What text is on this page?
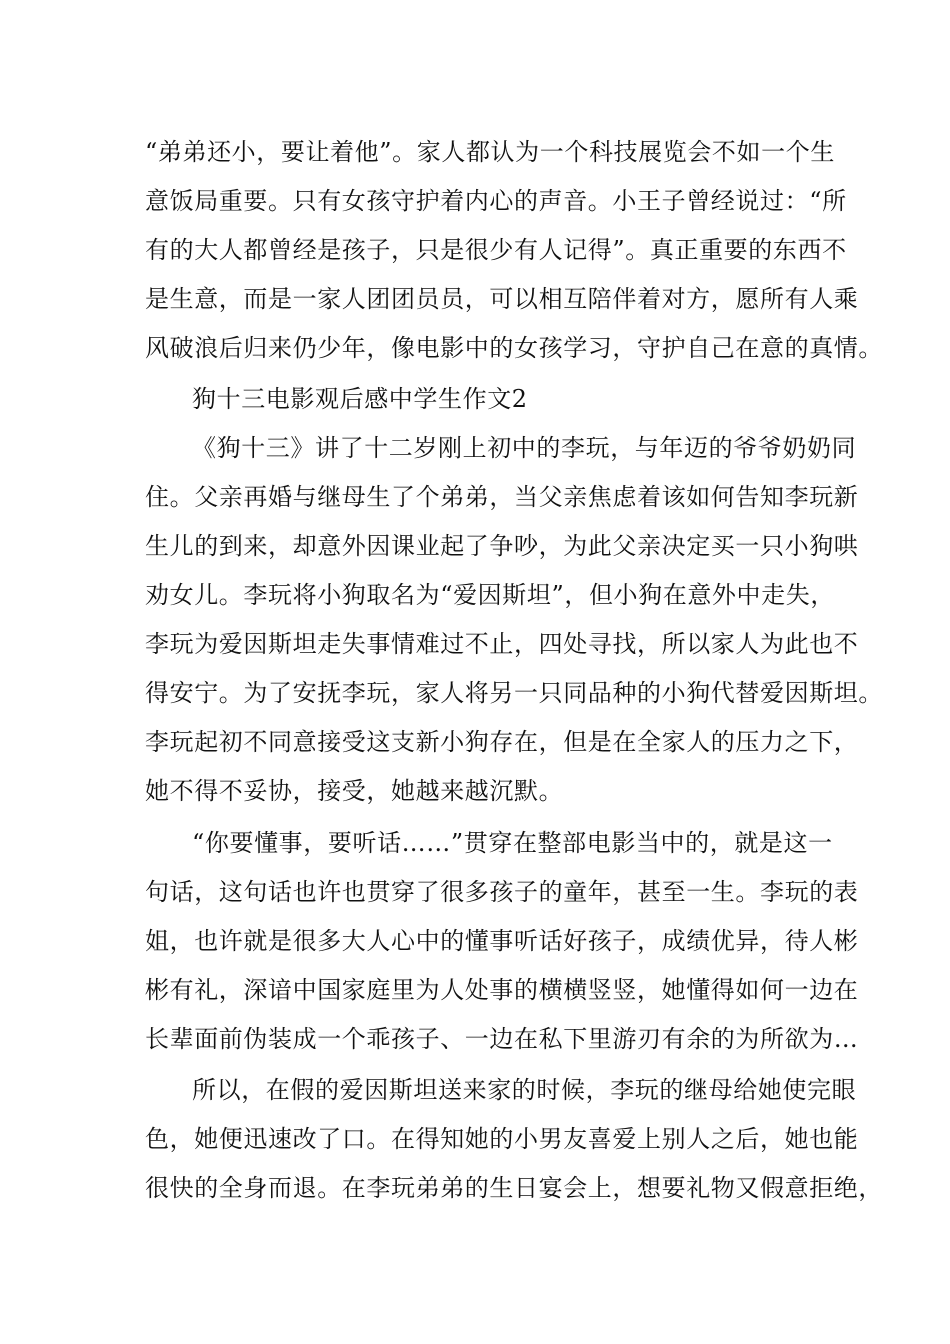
“弟弟还小，要让着他”。家人都认为一个科技展览会不如一个生
意饭局重要。只有女孩守护着内心的声音。小王子曾经说过：“所
有的大人都曾经是孩子，只是很少有人记得”。真正重要的东西不
是生意，而是一家人团团员员，可以相互陪伴着对方，愿所有人乘
风破浪后归来仍少年，像电影中的女孩学习，守护自己在意的真情。
狗十三电影观后感中学生作文2
《狗十三》讲了十二岁刚上初中的李玩，与年迈的爷爷奶奶同
住。父亲再婚与继母生了个弟弟，当父亲焦虑着该如何告知李玩新
生儿的到来，却意外因课业起了争吵，为此父亲决定买一只小狗哄
劝女儿。李玩将小狗取名为“爱因斯坦”，但小狗在意外中走失，
李玩为爱因斯坦走失事情难过不止，四处寻找，所以家人为此也不
得安宁。为了安抚李玩，家人将另一只同品种的小狗代替爱因斯坦。
李玩起初不同意接受这支新小狗存在，但是在全家人的压力之下，
她不得不妥协，接受，她越来越沉默。
“你要懂事，要听话……”贯穿在整部电影当中的，就是这一
句话，这句话也许也贯穿了很多孩子的童年，甚至一生。李玩的表
姐，也许就是很多大人心中的懂事听话好孩子，成绩优异，待人彬
彬有礼，深谙中国家庭里为人处事的横横竖竖，她懂得如何一边在
长辈面前伪装成一个乖孩子、一边在私下里游刃有余的为所欲为…
所以，在假的爱因斯坦送来家的时候，李玩的继母给她使完眼
色，她便迅速改了口。在得知她的小男友喜爱上别人之后，她也能
很快的全身而退。在李玩弟弟的生日宴会上，想要礼物又假意拒绝，
